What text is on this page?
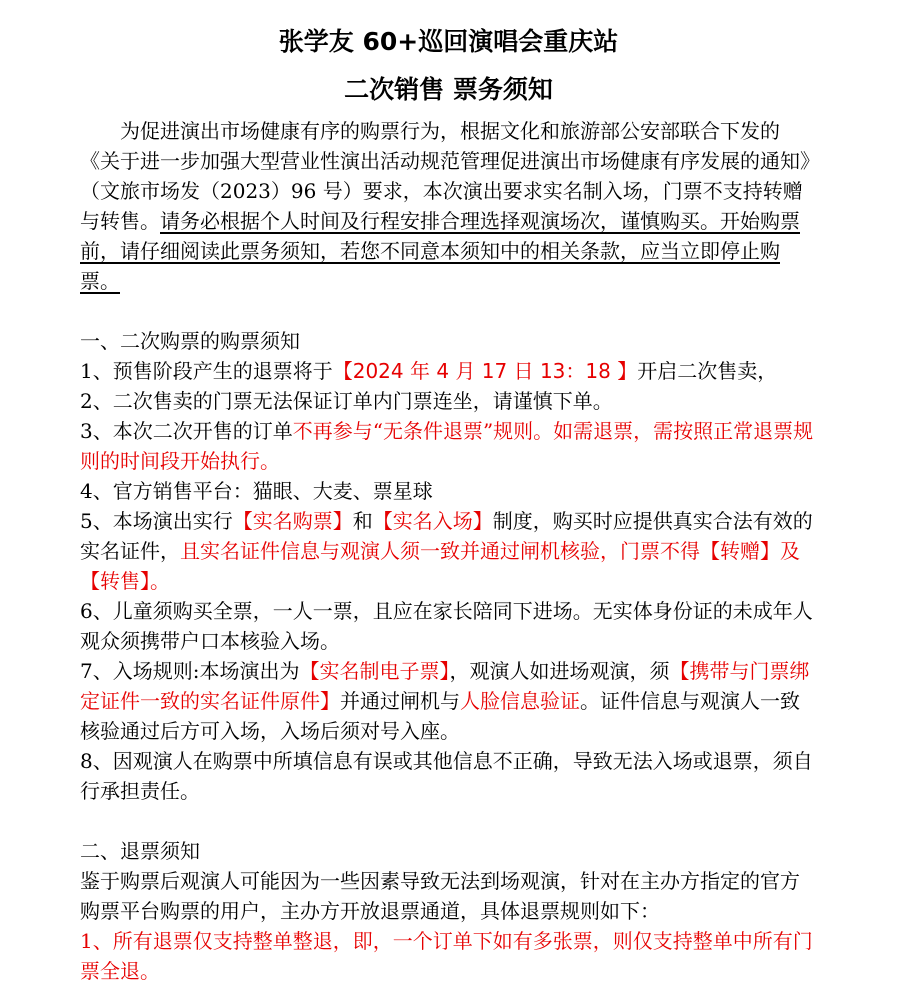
张学友 60+巡回演唱会重庆站
二次销售 票务须知

为促进演出市场健康有序的购票行为，根据文化和旅游部公安部联合下发的《关于进一步加强大型营业性演出活动规范管理促进演出市场健康有序发展的通知》（文旅市场发（2023）96 号）要求，本次演出要求实名制入场，门票不支持转赠与转售。请务必根据个人时间及行程安排合理选择观演场次，谨慎购买。开始购票前，请仔细阅读此票务须知，若您不同意本须知中的相关条款，应当立即停止购票。

一、二次购票的购票须知

1、预售阶段产生的退票将于【2024 年 4 月 17 日 13：18 】开启二次售卖，

2、二次售卖的门票无法保证订单内门票连坐，请谨慎下单。

3、本次二次开售的订单不再参与“无条件退票”规则。如需退票，需按照正常退票规则的时间段开始执行。

4、官方销售平台：猫眼、大麦、票星球

5、本场演出实行【实名购票】和【实名入场】制度，购买时应提供真实合法有效的实名证件，且实名证件信息与观演人须一致并通过闸机核验，门票不得【转赠】及【转售】。

6、儿童须购买全票，一人一票，且应在家长陪同下进场。无实体身份证的未成年人观众须携带户口本核验入场。

7、入场规则:本场演出为【实名制电子票】，观演人如进场观演，须【携带与门票绑定证件一致的实名证件原件】并通过闸机与人脸信息验证。证件信息与观演人一致核验通过后方可入场，入场后须对号入座。

8、因观演人在购票中所填信息有误或其他信息不正确，导致无法入场或退票，须自行承担责任。

二、退票须知

鉴于购票后观演人可能因为一些因素导致无法到场观演，针对在主办方指定的官方购票平台购票的用户，主办方开放退票通道，具体退票规则如下：

1、所有退票仅支持整单整退，即，一个订单下如有多张票，则仅支持整单中所有门票全退。
